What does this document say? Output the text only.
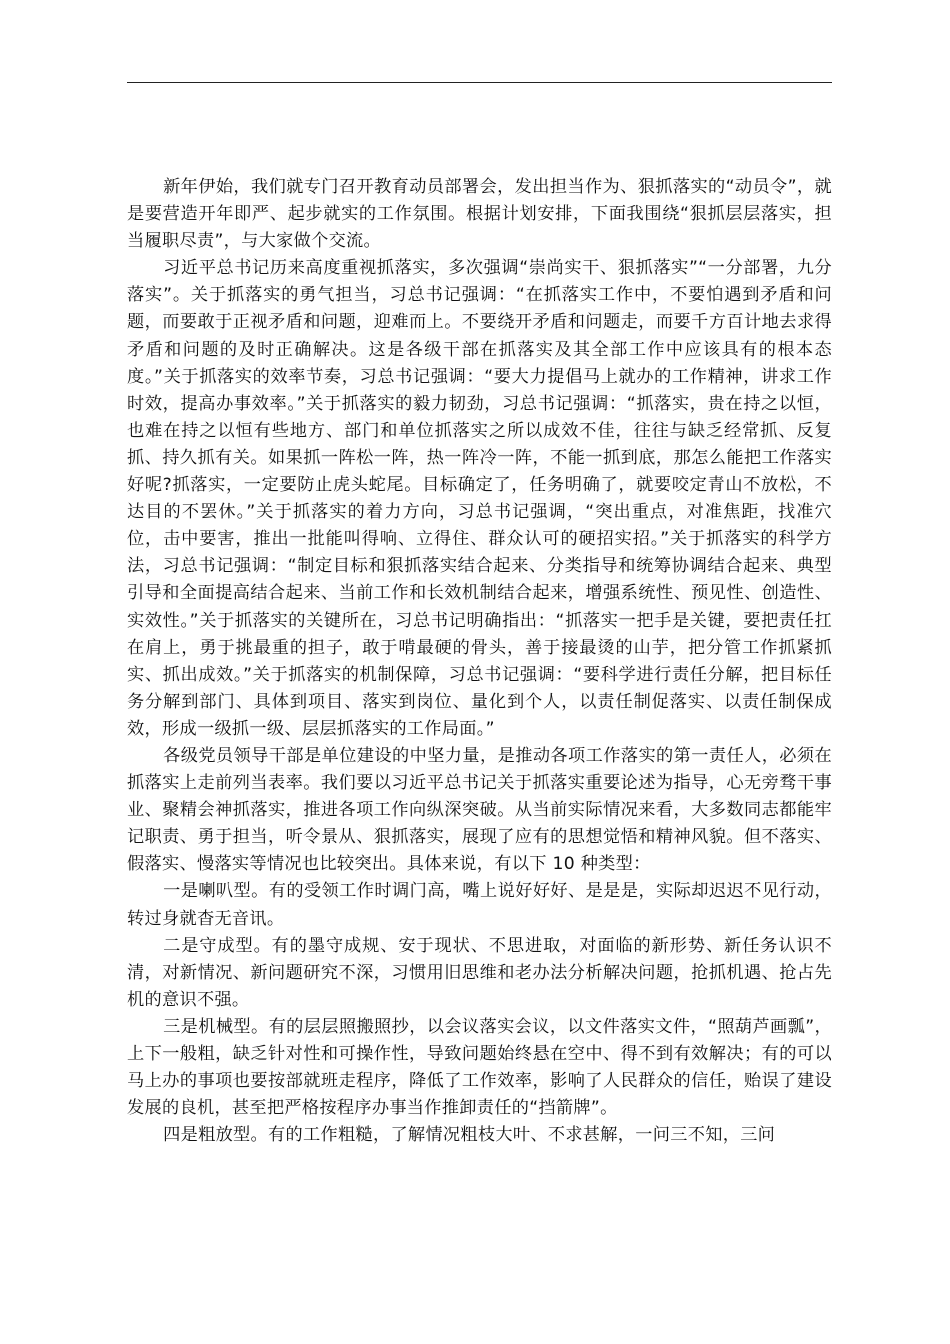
新年伊始，我们就专门召开教育动员部署会，发出担当作为、狠抓落实的“动员令”，就是要营造开年即严、起步就实的工作氛围。根据计划安排，下面我围绕“狠抓层层落实，担当履职尽责”，与大家做个交流。

习近平总书记历来高度重视抓落实，多次强调“崇尚实干、狠抓落实”“一分部署，九分落实”。关于抓落实的勇气担当，习总书记强调：“在抓落实工作中，不要怕遇到矛盾和问题，而要敢于正视矛盾和问题，迎难而上。不要绕开矛盾和问题走，而要千方百计地去求得矛盾和问题的及时正确解决。这是各级干部在抓落实及其全部工作中应该具有的根本态度。”关于抓落实的效率节奏，习总书记强调：“要大力提倡马上就办的工作精神，讲求工作时效，提高办事效率。”关于抓落实的毅力韧劲，习总书记强调：“抓落实，贵在持之以恒，也难在持之以恒有些地方、部门和单位抓落实之所以成效不佳，往往与缺乏经常抓、反复抓、持久抓有关。如果抓一阵松一阵，热一阵冷一阵，不能一抓到底，那怎么能把工作落实好呢?抓落实，一定要防止虎头蛇尾。目标确定了，任务明确了，就要咬定青山不放松，不达目的不罢休。”关于抓落实的着力方向，习总书记强调，“突出重点，对准焦距，找准穴位，击中要害，推出一批能叫得响、立得住、群众认可的硬招实招。”关于抓落实的科学方法，习总书记强调：“制定目标和狠抓落实结合起来、分类指导和统筹协调结合起来、典型引导和全面提高结合起来、当前工作和长效机制结合起来，增强系统性、预见性、创造性、实效性。”关于抓落实的关键所在，习总书记明确指出：“抓落实一把手是关键，要把责任扛在肩上，勇于挑最重的担子，敢于啃最硬的骨头，善于接最烫的山芋，把分管工作抓紧抓实、抓出成效。”关于抓落实的机制保障，习总书记强调：“要科学进行责任分解，把目标任务分解到部门、具体到项目、落实到岗位、量化到个人，以责任制促落实、以责任制保成效，形成一级抓一级、层层抓落实的工作局面。”

各级党员领导干部是单位建设的中坚力量，是推动各项工作落实的第一责任人，必须在抓落实上走前列当表率。我们要以习近平总书记关于抓落实重要论述为指导，心无旁骛干事业、聚精会神抓落实，推进各项工作向纵深突破。从当前实际情况来看，大多数同志都能牢记职责、勇于担当，听令景从、狠抓落实，展现了应有的思想觉悟和精神风貌。但不落实、假落实、慢落实等情况也比较突出。具体来说，有以下 10 种类型：

一是喇叭型。有的受领工作时调门高，嘴上说好好好、是是是，实际却迟迟不见行动，转过身就杳无音讯。

二是守成型。有的墨守成规、安于现状、不思进取，对面临的新形势、新任务认识不清，对新情况、新问题研究不深，习惯用旧思维和老办法分析解决问题，抢抓机遇、抢占先机的意识不强。

三是机械型。有的层层照搬照抄，以会议落实会议，以文件落实文件，“照葫芦画瓢”，上下一般粗，缺乏针对性和可操作性，导致问题始终悬在空中、得不到有效解决；有的可以马上办的事项也要按部就班走程序，降低了工作效率，影响了人民群众的信任，贻误了建设发展的良机，甚至把严格按程序办事当作推卸责任的“挡箭牌”。

四是粗放型。有的工作粗糙，了解情况粗枝大叶、不求甚解，一问三不知，三问
